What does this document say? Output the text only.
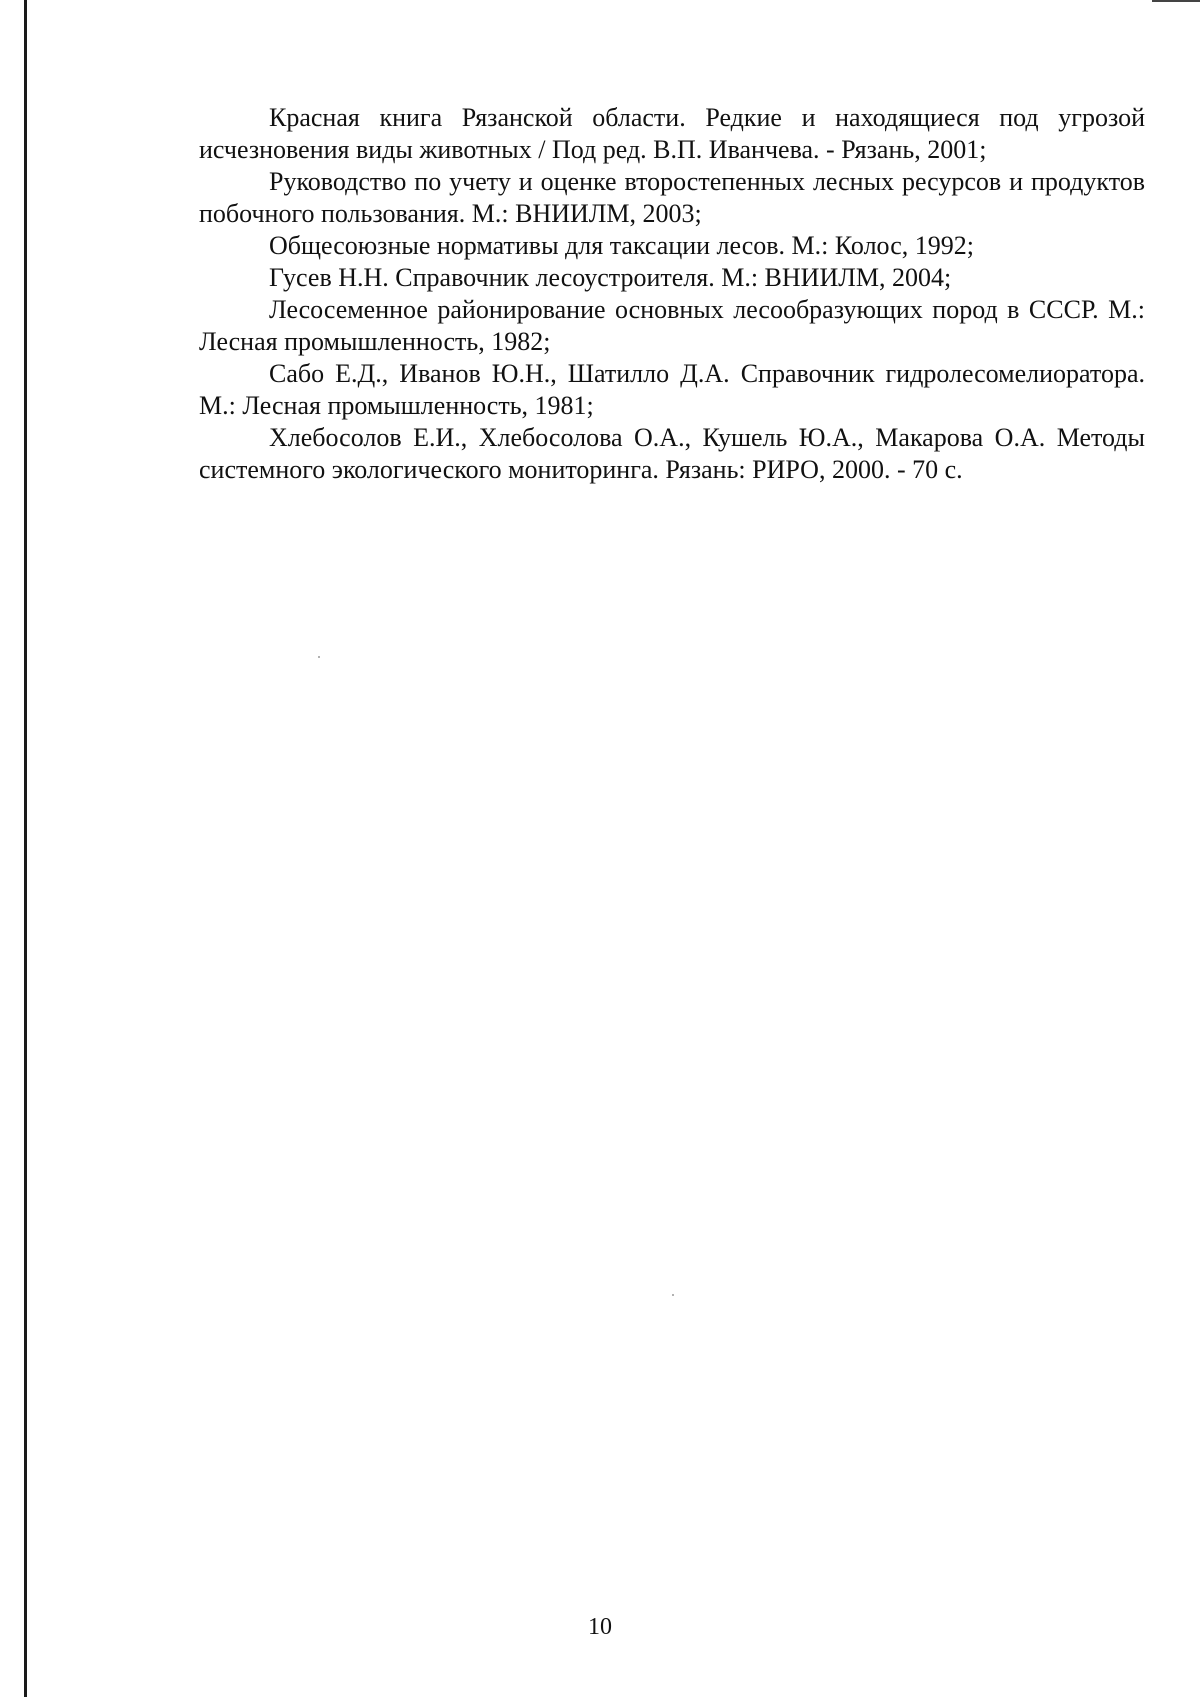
Красная книга Рязанской области. Редкие и находящиеся под угрозой исчезновения виды животных / Под ред. В.П. Иванчева. - Рязань, 2001;
Руководство по учету и оценке второстепенных лесных ресурсов и продуктов побочного пользования. М.: ВНИИЛМ, 2003;
Общесоюзные нормативы для таксации лесов. М.: Колос, 1992;
Гусев Н.Н. Справочник лесоустроителя. М.: ВНИИЛМ, 2004;
Лесосеменное районирование основных лесообразующих пород в СССР. М.: Лесная промышленность, 1982;
Сабо Е.Д., Иванов Ю.Н., Шатилло Д.А. Справочник гидролесомелиоратора. М.: Лесная промышленность, 1981;
Хлебосолов Е.И., Хлебосолова О.А., Кушель Ю.А., Макарова О.А. Методы системного экологического мониторинга. Рязань: РИРО, 2000. - 70 с.
10
